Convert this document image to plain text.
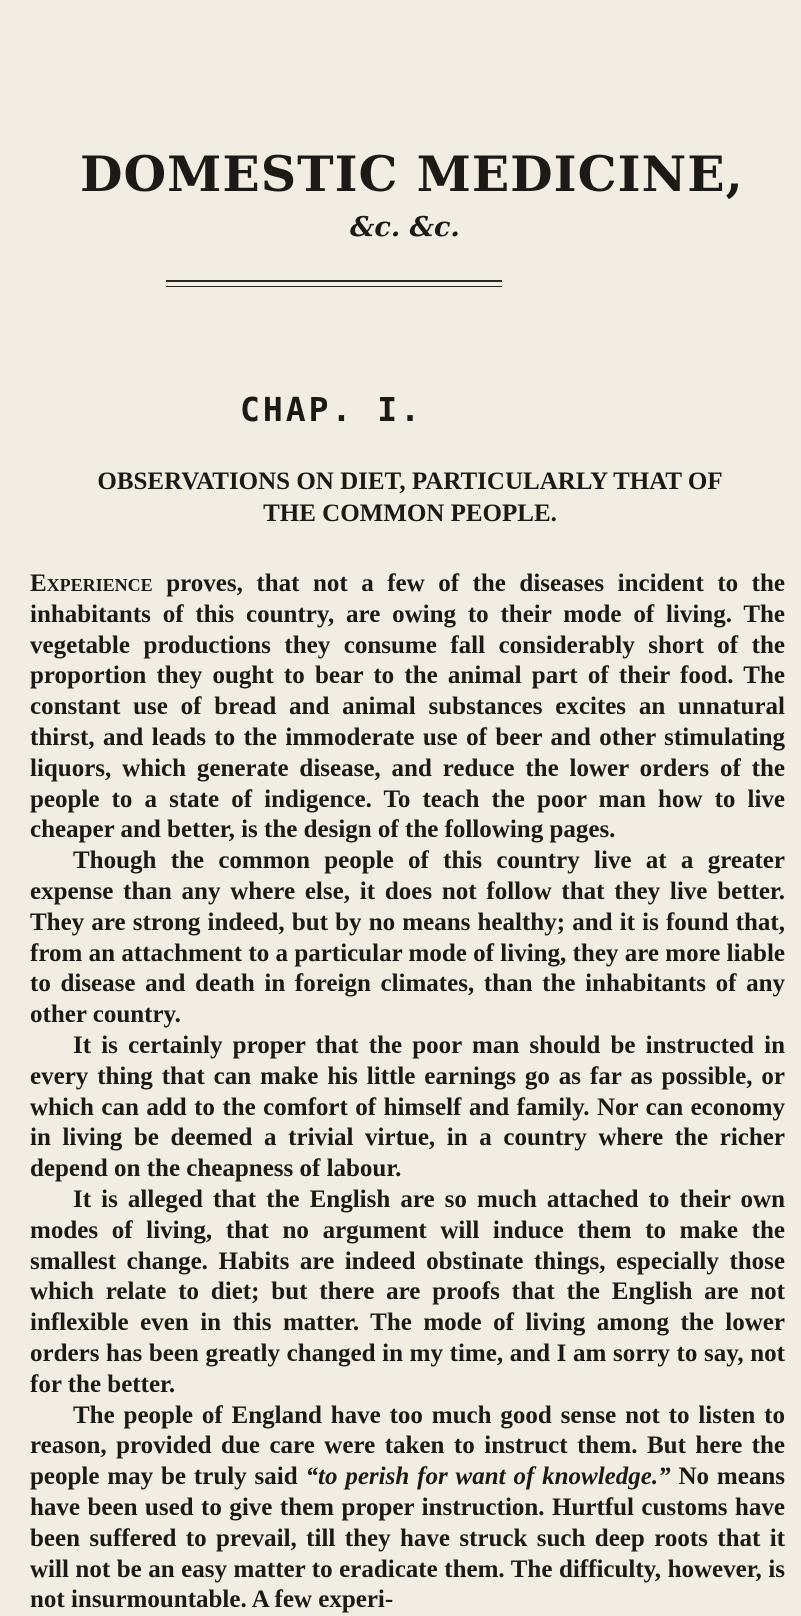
DOMESTIC MEDICINE,
&c. &c.
CHAP. I.
OBSERVATIONS ON DIET, PARTICULARLY THAT OF
THE COMMON PEOPLE.

Experience proves, that not a few of the diseases incident to the inhabitants of this country, are owing to their mode of living. The vegetable productions they consume fall considerably short of the proportion they ought to bear to the animal part of their food. The constant use of bread and animal substances excites an unnatural thirst, and leads to the immoderate use of beer and other stimulating liquors, which generate disease, and reduce the lower orders of the people to a state of indigence. To teach the poor man how to live cheaper and better, is the design of the following pages.

Though the common people of this country live at a greater expense than any where else, it does not follow that they live better. They are strong indeed, but by no means healthy; and it is found that, from an attachment to a particular mode of living, they are more liable to disease and death in foreign climates, than the inhabitants of any other country.

It is certainly proper that the poor man should be instructed in every thing that can make his little earnings go as far as possible, or which can add to the comfort of himself and family. Nor can economy in living be deemed a trivial virtue, in a country where the richer depend on the cheapness of labour.

It is alleged that the English are so much attached to their own modes of living, that no argument will induce them to make the smallest change. Habits are indeed obstinate things, especially those which relate to diet; but there are proofs that the English are not inflexible even in this matter. The mode of living among the lower orders has been greatly changed in my time, and I am sorry to say, not for the better.

The people of England have too much good sense not to listen to reason, provided due care were taken to instruct them. But here the people may be truly said “to perish for want of knowledge.” No means have been used to give them proper instruction. Hurtful customs have been suffered to prevail, till they have struck such deep roots that it will not be an easy matter to eradicate them. The difficulty, however, is not insurmountable. A few experi-
